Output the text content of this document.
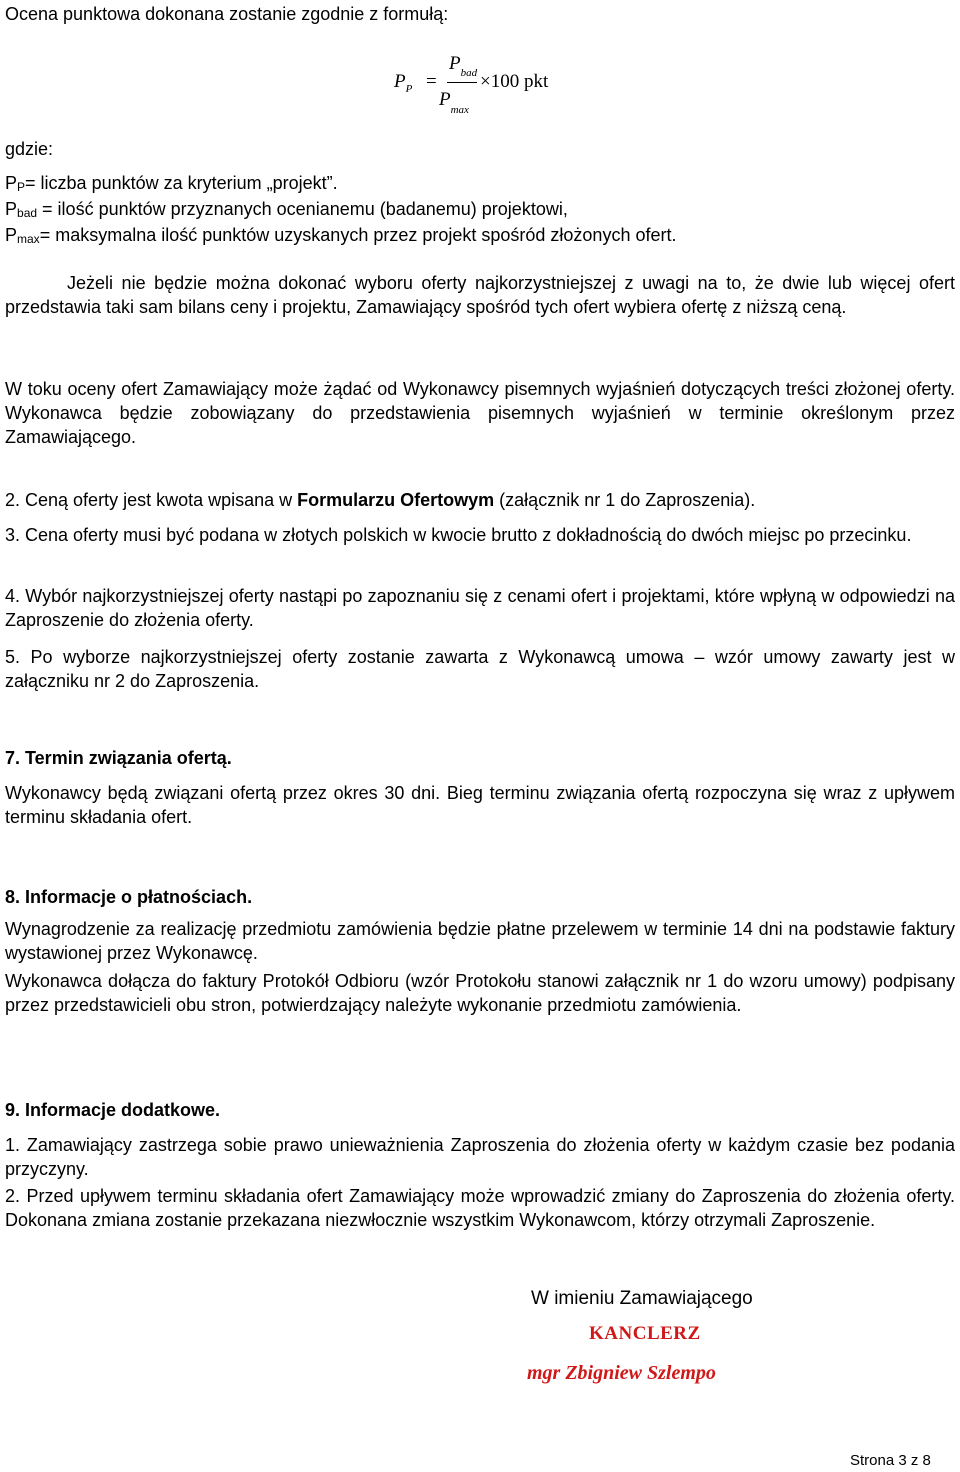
Ocena punktowa dokonana zostanie zgodnie z formułą:

$P_P$ =
$P_{bad}$
$P_{max}$
×100 pkt

gdzie:

$P_P=$ liczba punktów za kryterium „projekt”.

$P_{bad}$ = ilość punktów przyznanych ocenianemu (badanemu) projektowi,

$P_{max}=$ maksymalna ilość punktów uzyskanych przez projekt spośród złożonych ofert.

Jeżeli nie będzie można dokonać wyboru oferty najkorzystniejszej z uwagi na to, że dwie lub więcej ofert przedstawia taki sam bilans ceny i projektu, Zamawiający spośród tych ofert wybiera ofertę z niższą ceną.

W toku oceny ofert Zamawiający może żądać od Wykonawcy pisemnych wyjaśnień dotyczących treści złożonej oferty. Wykonawca będzie zobowiązany do przedstawienia pisemnych wyjaśnień w terminie określonym przez Zamawiającego.

2. Ceną oferty jest kwota wpisana w Formularzu Ofertowym (załącznik nr 1 do Zaproszenia).

3. Cena oferty musi być podana w złotych polskich w kwocie brutto z dokładnością do dwóch miejsc po przecinku.

4. Wybór najkorzystniejszej oferty nastąpi po zapoznaniu się z cenami ofert i projektami, które wpłyną w odpowiedzi na Zaproszenie do złożenia oferty.

5. Po wyborze najkorzystniejszej oferty zostanie zawarta z Wykonawcą umowa – wzór umowy zawarty jest w załączniku nr 2 do Zaproszenia.

7. Termin związania ofertą.

Wykonawcy będą związani ofertą przez okres 30 dni. Bieg terminu związania ofertą rozpoczyna się wraz z upływem terminu składania ofert.

8. Informacje o płatnościach.

Wynagrodzenie za realizację przedmiotu zamówienia będzie płatne przelewem w terminie 14 dni na podstawie faktury wystawionej przez Wykonawcę.

Wykonawca dołącza do faktury Protokół Odbioru (wzór Protokołu stanowi załącznik nr 1 do wzoru umowy) podpisany przez przedstawicieli obu stron, potwierdzający należyte wykonanie przedmiotu zamówienia.

9. Informacje dodatkowe.

1. Zamawiający zastrzega sobie prawo unieważnienia Zaproszenia do złożenia oferty w każdym czasie bez podania przyczyny.

2. Przed upływem terminu składania ofert Zamawiający może wprowadzić zmiany do Zaproszenia do złożenia oferty. Dokonana zmiana zostanie przekazana niezwłocznie wszystkim Wykonawcom, którzy otrzymali Zaproszenie.

W imieniu Zamawiającego

KANCLERZ
mgr Zbigniew Szlempo
Strona 3 z 8
